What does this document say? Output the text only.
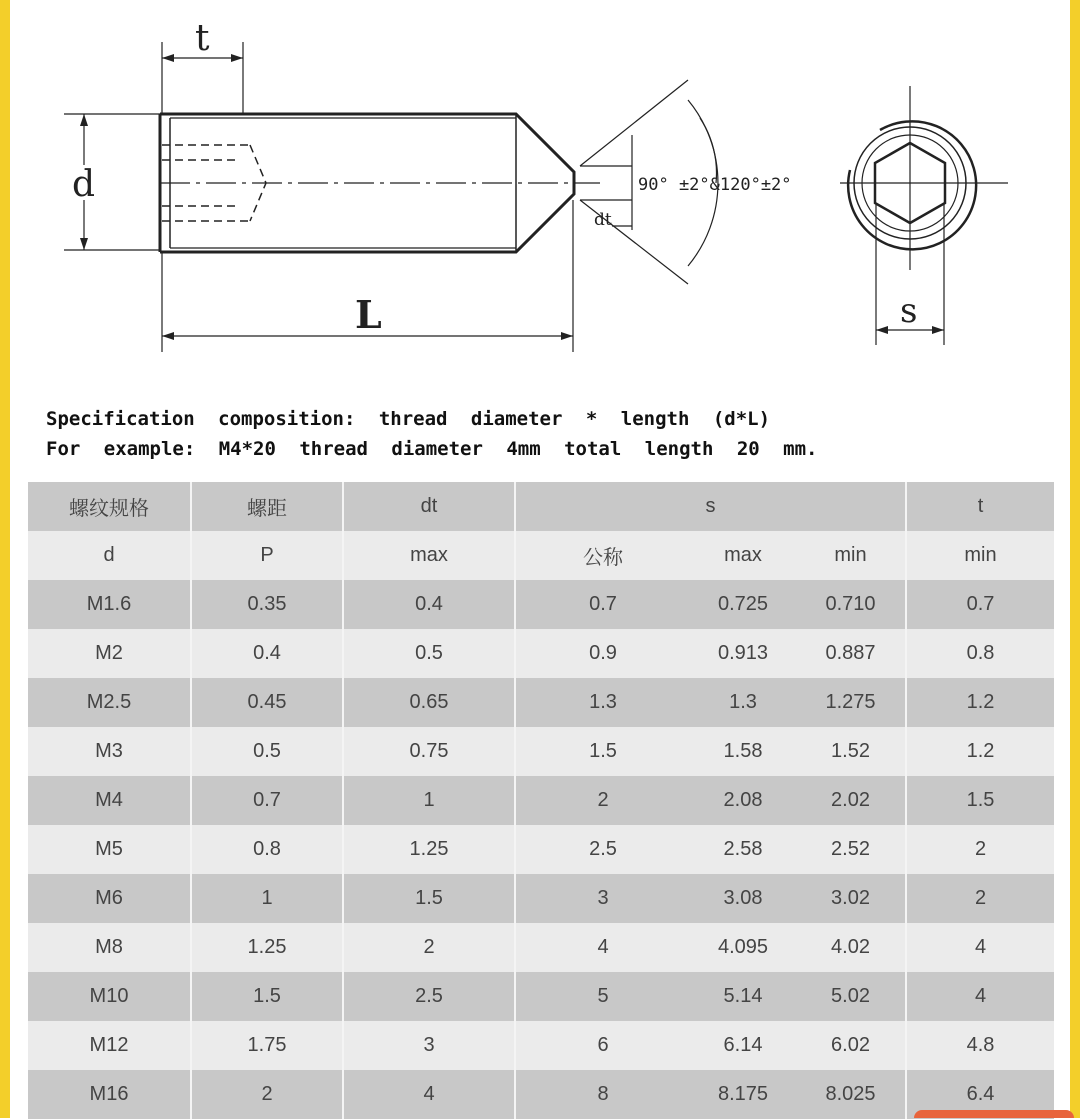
t
d
L
dt
90° ±2°&120°±2°
s
Specification composition: thread diameter * length (d*L)
For example: M4*20 thread diameter 4mm total length 20 mm.
螺纹规格	螺距	dt	s			t
d	P	max	公称	max	min	min
M1.6	0.35	0.4	0.7	0.725	0.710	0.7
M2	0.4	0.5	0.9	0.913	0.887	0.8
M2.5	0.45	0.65	1.3	1.3	1.275	1.2
M3	0.5	0.75	1.5	1.58	1.52	1.2
M4	0.7	1	2	2.08	2.02	1.5
M5	0.8	1.25	2.5	2.58	2.52	2
M6	1	1.5	3	3.08	3.02	2
M8	1.25	2	4	4.095	4.02	4
M10	1.5	2.5	5	5.14	5.02	4
M12	1.75	3	6	6.14	6.02	4.8
M16	2	4	8	8.175	8.025	6.4
